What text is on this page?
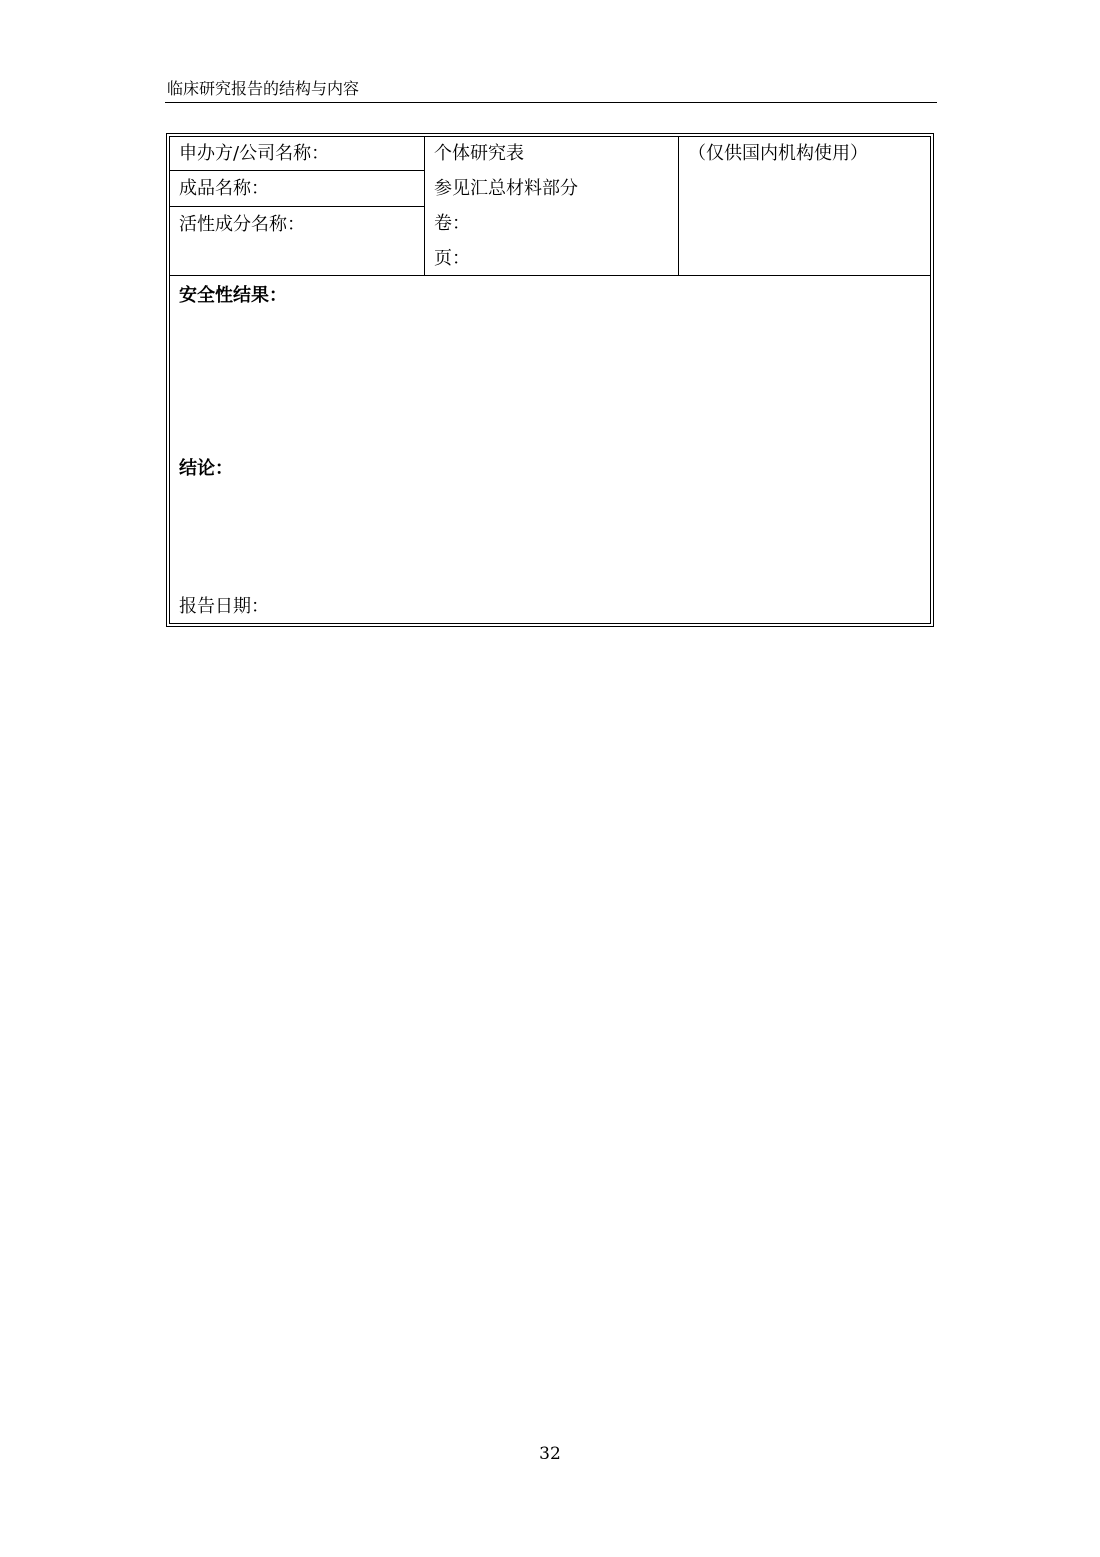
临床研究报告的结构与内容
申办方/公司名称：
成品名称：
活性成分名称：
个体研究表
参见汇总材料部分
卷：
页：
（仅供国内机构使用）
安全性结果：
结论：
报告日期：
32
